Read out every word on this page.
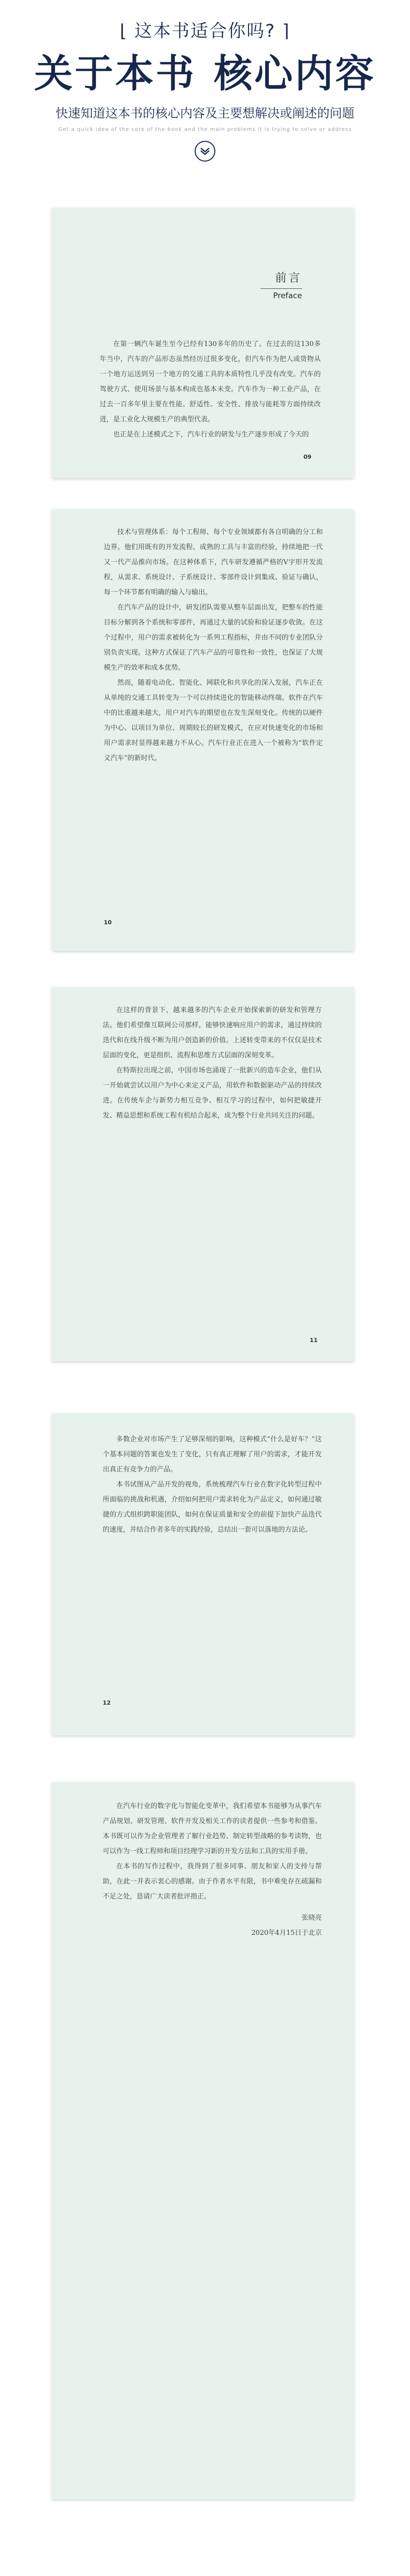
⌊ 这本书适合你吗? ⌉
关于本书 核心内容
快速知道这本书的核心内容及主要想解决或阐述的问题
Get a quick idea of the core of the book and the main problems it is trying to solve or address
前言
Preface

在第一辆汽车诞生至今已经有130多年的历史了。在过去的这130多年当中，汽车的产品形态虽然经历过很多变化，但汽车作为把人或货物从一个地方运送到另一个地方的交通工具的本质特性几乎没有改变。汽车的驾驶方式、使用场景与基本构成也基本未变。汽车作为一种工业产品，在过去一百多年里主要在性能、舒适性、安全性、排放与能耗等方面持续改进，是工业化大规模生产的典型代表。

也正是在上述模式之下，汽车行业的研发与生产逐步形成了今天的

09

技术与管理体系：每个工程师、每个专业领域都有各自明确的分工和边界。他们用既有的开发流程、成熟的工具与丰富的经验，持续地把一代又一代产品推向市场。在这种体系下，汽车研发遵循严格的V字形开发流程，从需求、系统设计、子系统设计、零部件设计到集成、验证与确认，每一个环节都有明确的输入与输出。

在汽车产品的设计中，研发团队需要从整车层面出发，把整车的性能目标分解到各个系统和零部件，再通过大量的试验和验证逐步收敛。在这个过程中，用户的需求被转化为一系列工程指标，并由不同的专业团队分别负责实现。这种方式保证了汽车产品的可靠性和一致性，也保证了大规模生产的效率和成本优势。

然而，随着电动化、智能化、网联化和共享化的深入发展，汽车正在从单纯的交通工具转变为一个可以持续进化的智能移动终端。软件在汽车中的比重越来越大，用户对汽车的期望也在发生深刻变化。传统的以硬件为中心、以项目为单位、周期较长的研发模式，在应对快速变化的市场和用户需求时显得越来越力不从心。汽车行业正在进入一个被称为“软件定义汽车”的新时代。

10

在这样的背景下，越来越多的汽车企业开始探索新的研发和管理方法。他们希望像互联网公司那样，能够快速响应用户的需求，通过持续的迭代和在线升级不断为用户创造新的价值。上述转变带来的不仅仅是技术层面的变化，更是组织、流程和思维方式层面的深刻变革。

在特斯拉出现之前，中国市场也涌现了一批新兴的造车企业，他们从一开始就尝试以用户为中心来定义产品，用软件和数据驱动产品的持续改进。在传统车企与新势力相互竞争、相互学习的过程中，如何把敏捷开发、精益思想和系统工程有机结合起来，成为整个行业共同关注的问题。

11

多数企业对市场产生了足够深刻的影响，这种模式“什么是好车？”这个基本问题的答案也发生了变化，只有真正理解了用户的需求，才能开发出真正有竞争力的产品。

本书试图从产品开发的视角，系统梳理汽车行业在数字化转型过程中所面临的挑战和机遇，介绍如何把用户需求转化为产品定义，如何通过敏捷的方式组织跨职能团队，如何在保证质量和安全的前提下加快产品迭代的速度，并结合作者多年的实践经验，总结出一套可以落地的方法论。

12

在汽车行业的数字化与智能化变革中，我们希望本书能够为从事汽车产品规划、研发管理、软件开发及相关工作的读者提供一些参考和借鉴。本书既可以作为企业管理者了解行业趋势、制定转型战略的参考读物，也可以作为一线工程师和项目经理学习新的开发方法和工具的实用手册。

在本书的写作过程中，我得到了很多同事、朋友和家人的支持与帮助，在此一并表示衷心的感谢。由于作者水平有限，书中难免存在疏漏和不足之处，恳请广大读者批评指正。

张晓亮
2020年4月15日于北京
